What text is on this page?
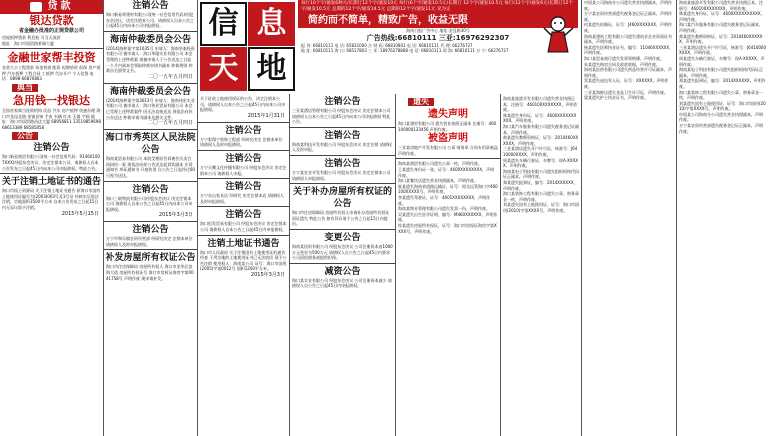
贷款
银达贷款
省金融办批准的正规贷款公司
房屋抵押贷款 利息低 可当天放款
地址：海口市国贸路景瑞大厦
金融世家帮丰投资
各类大小工程贷款 资金拆借 配资 短期垫资 担保 房产抵押 汽车抵押 工程合同 工抵押 代办开户 个人信贷 电话：0898-66870863
典当
急用钱一找银达
全国首家典当连锁机构 民品 汽车 房产抵押 快速办理 海口市龙昆北路 金银首饰 手表 车辆 红木 玉器 字画 地址：海口市国贸路昌达大厦 68956811 13519859698 68613389 68585858
公告
注销公告
海口新星商贸有限公司(统一社会信用代码：914601007XXX)经股东会决议，决定注销本公司，请债权人自本公告发布之日起45日内向本公司申报债权。特此公告。
关于注销土地证书的通告
海口市国土资源局 关于注销土地证书通告 原海口市国有土地使用证编号为(2003)003号及1号证 经核实后依法注销，宗地面积3500平方米 自本公告发布之日起15日内无异议即予注销。
2015年5月15日
注销公告
海口新易荣建材有限公司(统一社会信用代码)经股东会决议，决定注销本公司，请债权人自本公告之日起45日内向本公司申报债权。
海南仲裁委员会公告
(2014)海仲案字第1035号 申请人：海南华泰投资有限公司 被申请人：海口华隆实业有限公司 本会受理的上述仲裁案 请被申请人于公告送达之日起 一个月内到本会领取仲裁申请书副本 仲裁规则 仲裁员名册等文书。
二〇一五年五月四日
海南仲裁委员会公告
(2014)海仲案字第3013号 申请人：海南伟宏实业有限公司 被申请人：海口伟业贸易有限公司 本会已受理上述仲裁案件 因无法直接送达 现依法向你公告送达 仲裁申请书副本及相关文件。
二〇一五年五月四日
海口市秀英区人民法院公告
海南某贸易有限公司 本院受理原告诉被告买卖合同纠纷一案 现依法向你公告送达起诉状副本 应诉通知书 举证通知书 开庭传票 自公告之日起经过60日视为送达。
注销公告
海口三联物流有限公司经股东会决议 决定注销本公司 请债权人自本公告之日起45日内向本公司申报债权。
2015年3月3日
注销公告
万宁市和乐镇农资经营部 经研究决定 注销本单位 请债权人及时申报债权。
补发房屋所有权证公告
海口市住房保障局 房屋所有权人 海口市龙华区滨海大道 房屋所有权证号 海口市房权证海房字第0041758号 声明作废 现申请补发。
信 息
天 地
每行10个字/通发6种元/长期订12个字/通发10元 每行(6个字/通发10.5元/长期订 12个字/通发10.5元 每行(12个字/通发6元/长期订12个字/通发10.5元 总期的12个字/通发14.5元 总期的12个字/通发11元 见为正
简约而不简单，精致广告，收益无限
海南日报广告中心 地址:金盘路30号
广告热线:66810111 三亚:16976292307
报 刊: 66810111 电 话: 65831000 合 财 码: 66810801 电 话: 66810111 代 理: 66276727
地 址: 66810111 海 口: 68517803 三 亚: 18976278868 电 话: 66810111 琼 海: 66810111 万 宁: 66276727
关于征收土地使用权证的公告，决定注销本公司，请债权人自本公告之日起45日内向本公司申报债权。
2015年1月31日
注销公告
万宁彩翔宁装饰工程部 经研究决定 注销本单位 请债权人及时申报债权。
注销公告
万宁天鹰文化传播有限公司 经股东会决议 决定注销本公司 请债权人申报。
注销公告
万宁东山家具店 经研究 决定注销本店 请债权人及时申报债权。
注销公告
海口恒发贸易有限公司 经股东会决议 决定注销本公司 请债权人自本公告之日起45日内申报债权。
注销土地证书通告
海口市人民政府 关于注销国有土地使用证的通告 经查 下列宗地的土地使用证书已无法收回 现予公告注销 使用权人：海南某公司 证号：海口市国用(2005)字第0012号 面积1200平方米。
2015年3月3日
注销公告
三亚某酒店管理有限公司 经股东会决议 决定注销本公司 请债权人自本公告之日起45日内向本公司申报债权 特此公告。
注销公告
海南某科技开发有限公司 经股东会决议 决定注销 请债权人及时申报。
注销公告
万宁某农业开发有限公司 经股东会决议 决定注销本公司 请债权人申报债权。
关于补办房屋所有权证的公告
海口市住房保障局 房屋所有权人申请补办房屋所有权证 原证遗失 特此公告 如有异议请于公告之日起15日内提出。
变更公告
海南某投资有限公司 经股东会决议 公司注册资本由1000万元变更为500万元 请债权人自公告之日起45日内要求公司清偿债务或提供担保。
减资公告
海口某实业有限公司 经股东会决议 公司注册资本减少 请债权人自公告之日起45日内申报债权。
遗失
遗失声明
海口某建材有限公司 遗失营业执照正副本 注册号：460100000123456 声明作废。
被盗声明
三亚某房地产开发有限公司 公章 财务章 合同专用章被盗 声明作废。
海南某商贸有限公司遗失公章一枚，声明作废。
王某遗失身份证一张，证号：4600XXXXXXXX，声明作废。
海口某餐饮店遗失营业执照副本，声明作废。
陈某遗失海南省道路运输证，证号：琼交运管海口字460100XXXXX号，声明作废。
李某遗失驾驶证，证号：4601XXXXXXXX，声明作废。
海南某物业管理有限公司遗失发票一份，声明作废。
吴某遗失出生医学证明，编号：M460XXXXXX，声明作废。
符某遗失房屋所有权证，证号：海口市房权证海房字第XXXX号，声明作废。
海南某旅游开发有限公司遗失营业执照正本，注册号：460100XXXXXXX，声明作废。
林某遗失身份证，证号：4600XXXXXXXXXX，声明作废。
海口某汽车服务有限公司遗失税务登记证副本，声明作废。
黄某遗失教师资格证，证号：2010460XXXXXX，声明作废。
三亚某酒店遗失开户许可证，核准号：J6410000XXXX，声明作废。
周某遗失车辆行驶证，车牌号：琼A·XXXXX，声明作废。
海南某电子科技有限公司遗失组织机构代码证正副本，声明作废。
郑某遗失报到证，编号：2014XXXXXX，声明作废。
海口某装饰工程有限公司遗失公章、财务章各一枚，声明作废。
刘某遗失国有土地使用证，证号：海口市国用(2010)字第XXXX号，声明作废。
中国某公司海南分公司遗失营业执照副本，声明作废。
万宁某农资经营部遗失税务登记证正副本，声明作废。
何某遗失结婚证，证号：J460XXXXXXX，声明作废。
海南某建筑工程有限公司遗失建筑业企业资质证书副本，声明作废。
杨某遗失医师执业证书，编号：11046XXXXXX，声明作废。
海口某贸易商行遗失发票领购簿，声明作废。
朱某遗失购房合同及收款收据，声明作废。
海南某医药有限公司遗失药品经营许可证副本，声明作废。
蔡某遗失退伍军人证，证号：XXXXXX，声明作废。
三亚某海鲜店遗失食品卫生许可证，声明作废。
梁某遗失护士执业证书，声明作废。
海南某旅游开发有限公司遗失营业执照正本，注册号：460100XXXXXXX，声明作废。
林某遗失身份证，证号：4600XXXXXXXXXX，声明作废。
海口某汽车服务有限公司遗失税务登记证副本，声明作废。
黄某遗失教师资格证，证号：2010460XXXXXX，声明作废。
三亚某酒店遗失开户许可证，核准号：J6410000XXXX，声明作废。
周某遗失车辆行驶证，车牌号：琼A·XXXXX，声明作废。
海南某电子科技有限公司遗失组织机构代码证正副本，声明作废。
郑某遗失报到证，编号：2014XXXXXX，声明作废。
海口某装饰工程有限公司遗失公章、财务章各一枚，声明作废。
刘某遗失国有土地使用证，证号：海口市国用(2010)字第XXXX号，声明作废。
中国某公司海南分公司遗失营业执照副本，声明作废。
万宁某农资经营部遗失税务登记证正副本，声明作废。
